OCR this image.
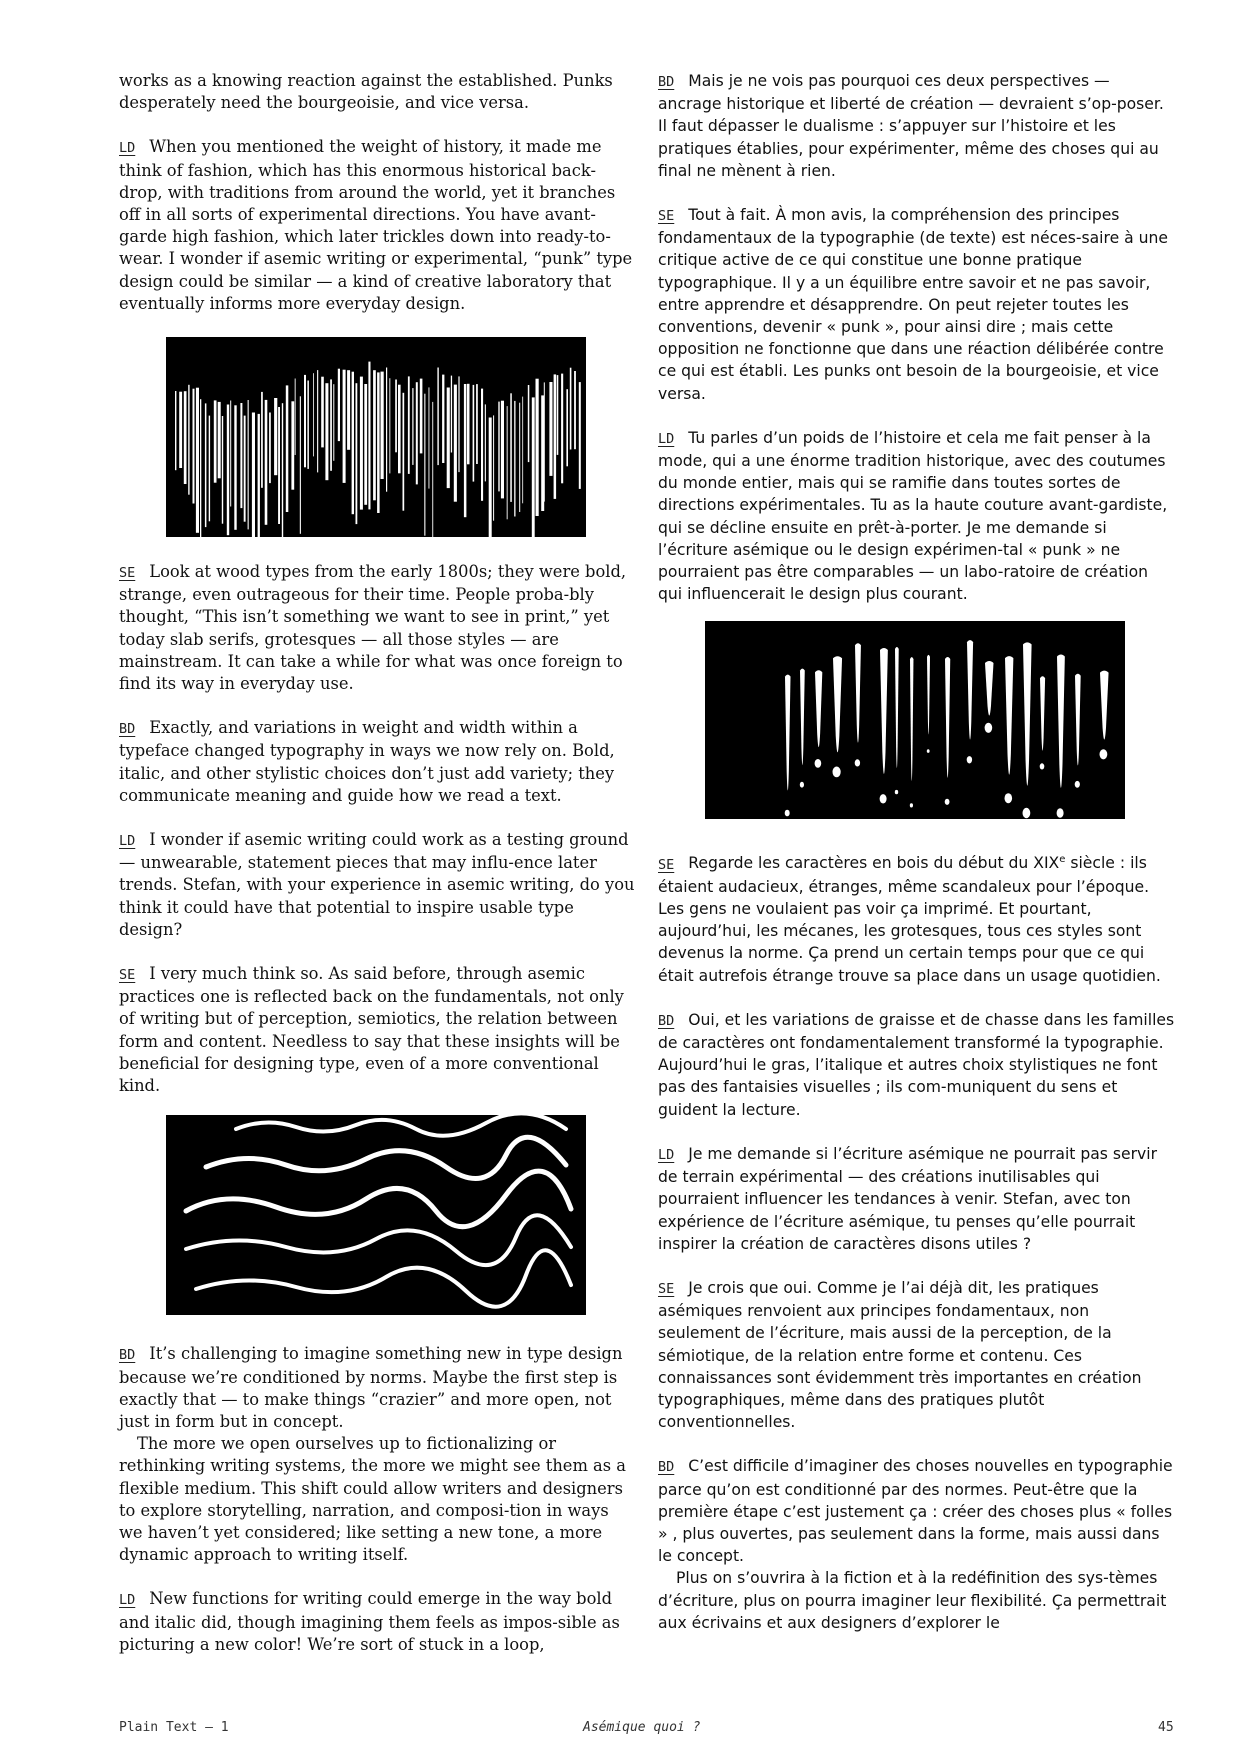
works as a knowing reaction against the established. Punks desperately need the bourgeoisie, and vice versa.

LD When you mentioned the weight of history, it made me think of fashion, which has this enormous historical back-drop, with traditions from around the world, yet it branches off in all sorts of experimental directions. You have avant-garde high fashion, which later trickles down into ready-to-wear. I wonder if asemic writing or experimental, “punk” type design could be similar — a kind of creative laboratory that eventually informs more everyday design.

SE Look at wood types from the early 1800s; they were bold, strange, even outrageous for their time. People proba-bly thought, “This isn’t something we want to see in print,” yet today slab serifs, grotesques — all those styles — are mainstream. It can take a while for what was once foreign to find its way in everyday use.

BD Exactly, and variations in weight and width within a typeface changed typography in ways we now rely on. Bold, italic, and other stylistic choices don’t just add variety; they communicate meaning and guide how we read a text.

LD I wonder if asemic writing could work as a testing ground — unwearable, statement pieces that may influ-ence later trends. Stefan, with your experience in asemic writing, do you think it could have that potential to inspire usable type design?

SE I very much think so. As said before, through asemic practices one is reflected back on the fundamentals, not only of writing but of perception, semiotics, the relation between form and content. Needless to say that these insights will be beneficial for designing type, even of a more conventional kind.

BD It’s challenging to imagine something new in type design because we’re conditioned by norms. Maybe the first step is exactly that — to make things “crazier” and more open, not just in form but in concept.

The more we open ourselves up to fictionalizing or rethinking writing systems, the more we might see them as a flexible medium. This shift could allow writers and designers to explore storytelling, narration, and composi-tion in ways we haven’t yet considered; like setting a new tone, a more dynamic approach to writing itself.

LD New functions for writing could emerge in the way bold and italic did, though imagining them feels as impos-sible as picturing a new color! We’re sort of stuck in a loop,

BD Mais je ne vois pas pourquoi ces deux perspectives — ancrage historique et liberté de création — devraient s’op-poser. Il faut dépasser le dualisme : s’appuyer sur l’histoire et les pratiques établies, pour expérimenter, même des choses qui au final ne mènent à rien.

SE Tout à fait. À mon avis, la compréhension des principes fondamentaux de la typographie (de texte) est néces-saire à une critique active de ce qui constitue une bonne pratique typographique. Il y a un équilibre entre savoir et ne pas savoir, entre apprendre et désapprendre. On peut rejeter toutes les conventions, devenir « punk », pour ainsi dire ; mais cette opposition ne fonctionne que dans une réaction délibérée contre ce qui est établi. Les punks ont besoin de la bourgeoisie, et vice versa.

LD Tu parles d’un poids de l’histoire et cela me fait penser à la mode, qui a une énorme tradition historique, avec des coutumes du monde entier, mais qui se ramifie dans toutes sortes de directions expérimentales. Tu as la haute couture avant-gardiste, qui se décline ensuite en prêt-à-porter. Je me demande si l’écriture asémique ou le design expérimen-tal « punk » ne pourraient pas être comparables — un labo-ratoire de création qui influencerait le design plus courant.

SE Regarde les caractères en bois du début du XIXe siècle : ils étaient audacieux, étranges, même scandaleux pour l’époque. Les gens ne voulaient pas voir ça imprimé. Et pourtant, aujourd’hui, les mécanes, les grotesques, tous ces styles sont devenus la norme. Ça prend un certain temps pour que ce qui était autrefois étrange trouve sa place dans un usage quotidien.

BD Oui, et les variations de graisse et de chasse dans les familles de caractères ont fondamentalement transformé la typographie. Aujourd’hui le gras, l’italique et autres choix stylistiques ne font pas des fantaisies visuelles ; ils com-muniquent du sens et guident la lecture.

LD Je me demande si l’écriture asémique ne pourrait pas servir de terrain expérimental — des créations inutilisables qui pourraient influencer les tendances à venir. Stefan, avec ton expérience de l’écriture asémique, tu penses qu’elle pourrait inspirer la création de caractères disons utiles ?

SE Je crois que oui. Comme je l’ai déjà dit, les pratiques asémiques renvoient aux principes fondamentaux, non seulement de l’écriture, mais aussi de la perception, de la sémiotique, de la relation entre forme et contenu. Ces connaissances sont évidemment très importantes en création typographiques, même dans des pratiques plutôt conventionnelles.

BD C’est difficile d’imaginer des choses nouvelles en typographie parce qu’on est conditionné par des normes. Peut-être que la première étape c’est justement ça : créer des choses plus « folles » , plus ouvertes, pas seulement dans la forme, mais aussi dans le concept.

Plus on s’ouvrira à la fiction et à la redéfinition des sys-tèmes d’écriture, plus on pourra imaginer leur flexibilité. Ça permettrait aux écrivains et aux designers d’explorer le

Plain Text – 1	Asémique quoi ?	45
